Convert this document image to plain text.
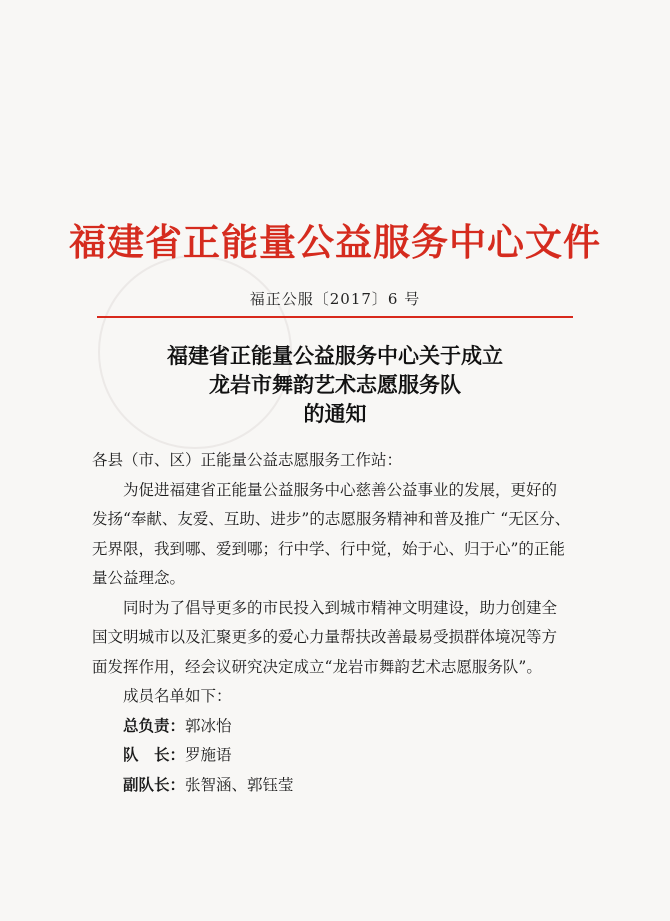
福建省正能量公益服务中心文件
福正公服〔2017〕6 号
福建省正能量公益服务中心关于成立
龙岩市舞韵艺术志愿服务队
的通知

各县（市、区）正能量公益志愿服务工作站：

为促进福建省正能量公益服务中心慈善公益事业的发展，更好的发扬“奉献、友爱、互助、进步”的志愿服务精神和普及推广 “无区分、无界限，我到哪、爱到哪；行中学、行中觉，始于心、归于心”的正能量公益理念。

同时为了倡导更多的市民投入到城市精神文明建设，助力创建全国文明城市以及汇聚更多的爱心力量帮扶改善最易受损群体境况等方面发挥作用，经会议研究决定成立“龙岩市舞韵艺术志愿服务队”。

成员名单如下：

总负责：郭冰怡
队　长：罗施语
副队长：张智涵、郭钰莹
